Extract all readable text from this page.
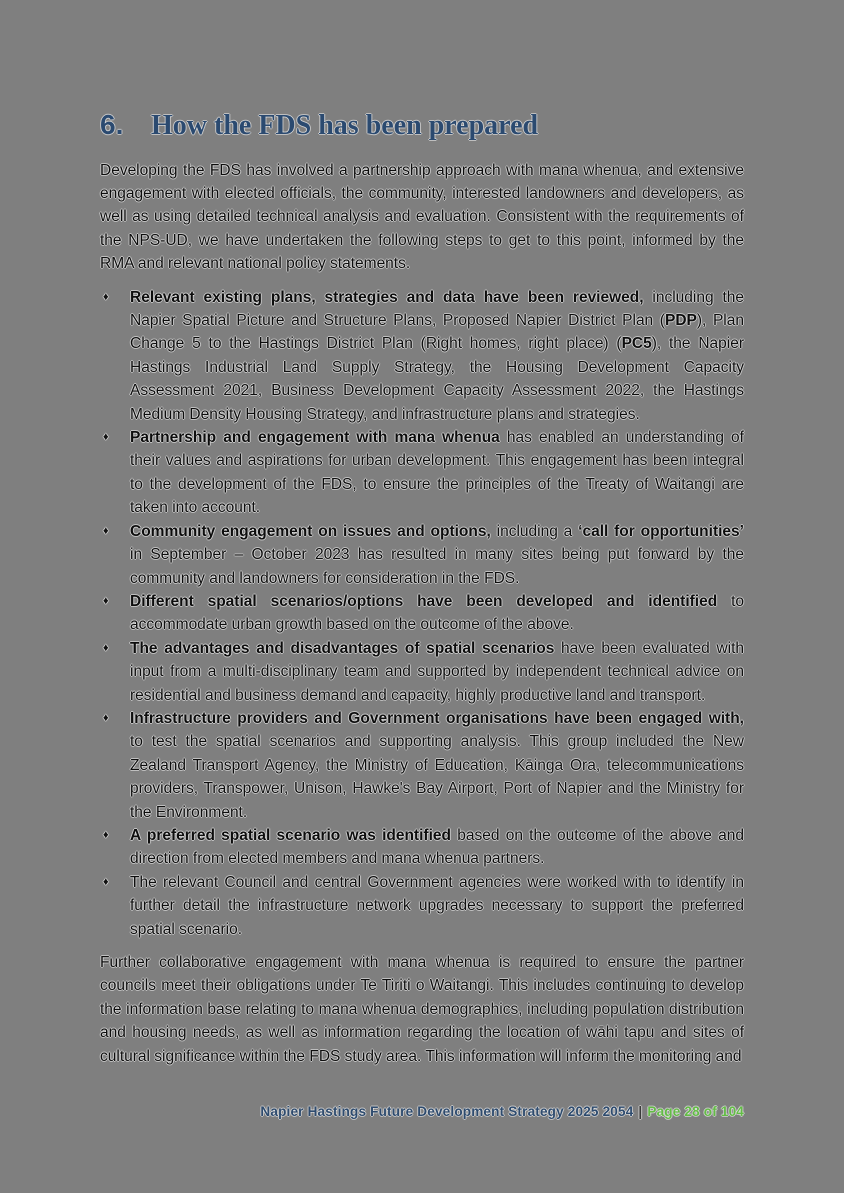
6. How the FDS has been prepared

Developing the FDS has involved a partnership approach with mana whenua, and extensive engagement with elected officials, the community, interested landowners and developers, as well as using detailed technical analysis and evaluation. Consistent with the requirements of the NPS-UD, we have undertaken the following steps to get to this point, informed by the RMA and relevant national policy statements.

♦ Relevant existing plans, strategies and data have been reviewed, including the Napier Spatial Picture and Structure Plans, Proposed Napier District Plan (PDP), Plan Change 5 to the Hastings District Plan (Right homes, right place) (PC5), the Napier Hastings Industrial Land Supply Strategy, the Housing Development Capacity Assessment 2021, Business Development Capacity Assessment 2022, the Hastings Medium Density Housing Strategy, and infrastructure plans and strategies.
♦ Partnership and engagement with mana whenua has enabled an understanding of their values and aspirations for urban development. This engagement has been integral to the development of the FDS, to ensure the principles of the Treaty of Waitangi are taken into account.
♦ Community engagement on issues and options, including a ‘call for opportunities’ in September – October 2023 has resulted in many sites being put forward by the community and landowners for consideration in the FDS.
♦ Different spatial scenarios/options have been developed and identified to accommodate urban growth based on the outcome of the above.
♦ The advantages and disadvantages of spatial scenarios have been evaluated with input from a multi-disciplinary team and supported by independent technical advice on residential and business demand and capacity, highly productive land and transport.
♦ Infrastructure providers and Government organisations have been engaged with, to test the spatial scenarios and supporting analysis. This group included the New Zealand Transport Agency, the Ministry of Education, Kāinga Ora, telecommunications providers, Transpower, Unison, Hawke's Bay Airport, Port of Napier and the Ministry for the Environment.
♦ A preferred spatial scenario was identified based on the outcome of the above and direction from elected members and mana whenua partners.
♦ The relevant Council and central Government agencies were worked with to identify in further detail the infrastructure network upgrades necessary to support the preferred spatial scenario.

Further collaborative engagement with mana whenua is required to ensure the partner councils meet their obligations under Te Tiriti o Waitangi. This includes continuing to develop the information base relating to mana whenua demographics, including population distribution and housing needs, as well as information regarding the location of wāhi tapu and sites of cultural significance within the FDS study area. This information will inform the monitoring and

Napier Hastings Future Development Strategy 2025 2054 | Page 28 of 104
